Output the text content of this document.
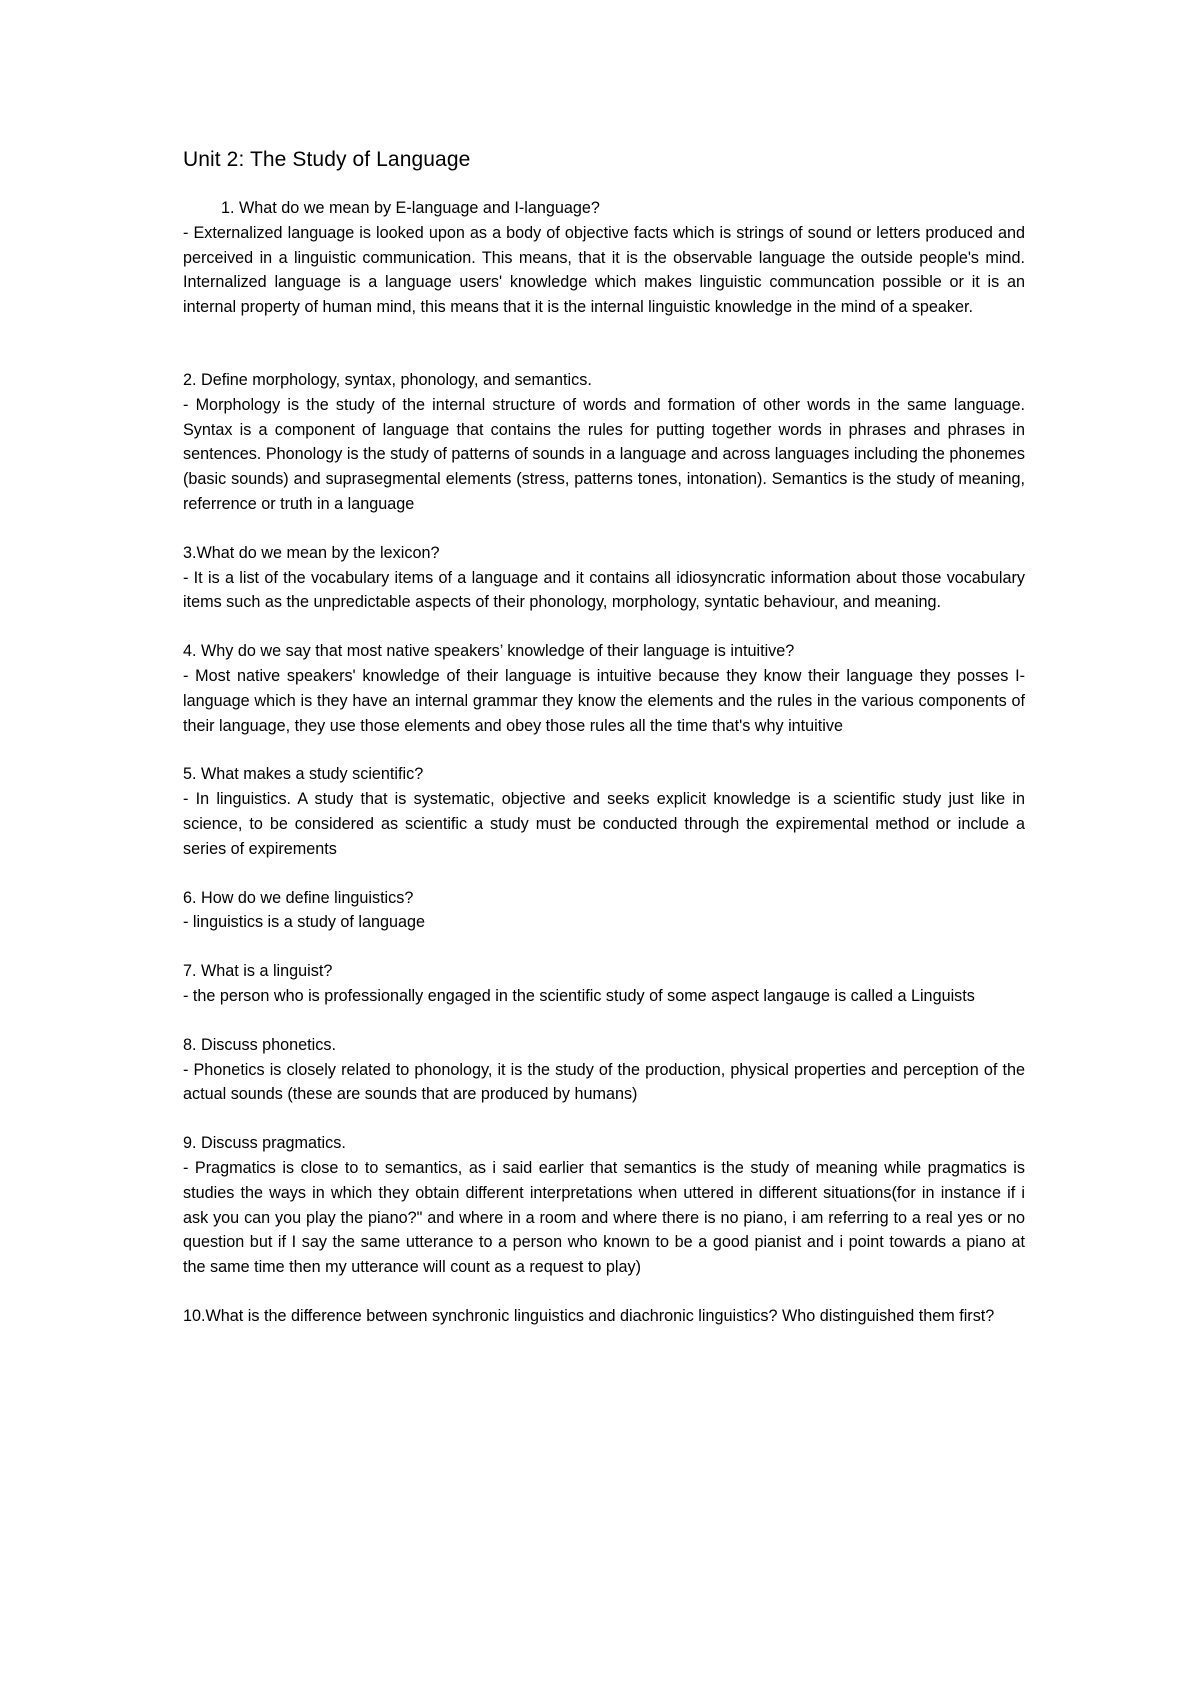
Unit 2: The Study of Language

1. What do we mean by E-language and I-language?

- Externalized language is looked upon as a body of objective facts which is strings of sound or letters produced and perceived in a linguistic communication. This means, that it is the observable language the outside people's mind. Internalized language is a language users' knowledge which makes linguistic communcation possible or it is an internal property of human mind, this means that it is the internal linguistic knowledge in the mind of a speaker.

2. Define morphology, syntax, phonology, and semantics.

- Morphology is the study of the internal structure of words and formation of other words in the same language. Syntax is a component of language that contains the rules for putting together words in phrases and phrases in sentences. Phonology is the study of patterns of sounds in a language and across languages including the phonemes (basic sounds) and suprasegmental elements (stress, patterns tones, intonation). Semantics is the study of meaning, referrence or truth in a language

3.What do we mean by the lexicon?

- It is a list of the vocabulary items of a language and it contains all idiosyncratic information about those vocabulary items such as the unpredictable aspects of their phonology, morphology, syntatic behaviour, and meaning.

4. Why do we say that most native speakers’ knowledge of their language is intuitive?

- Most native speakers' knowledge of their language is intuitive because they know their language they posses I-language which is they have an internal grammar they know the elements and the rules in the various components of their language, they use those elements and obey those rules all the time that's why intuitive

5. What makes a study scientific?

- In linguistics. A study that is systematic, objective and seeks explicit knowledge is a scientific study just like in science, to be considered as scientific a study must be conducted through the expiremental method or include a series of expirements

6. How do we define linguistics?

- linguistics is a study of language

7. What is a linguist?

- the person who is professionally engaged in the scientific study of some aspect langauge is called a Linguists

8. Discuss phonetics.

- Phonetics is closely related to phonology, it is the study of the production, physical properties and perception of the actual sounds (these are sounds that are produced by humans)

9. Discuss pragmatics.

- Pragmatics is close to to semantics, as i said earlier that semantics is the study of meaning while pragmatics is studies the ways in which they obtain different interpretations when uttered in different situations(for in instance if i ask you can you play the piano?" and where in a room and where there is no piano, i am referring to a real yes or no question but if I say the same utterance to a person who known to be a good pianist and i point towards a piano at the same time then my utterance will count as a request to play)

10.What is the difference between synchronic linguistics and diachronic linguistics? Who distinguished them first?
